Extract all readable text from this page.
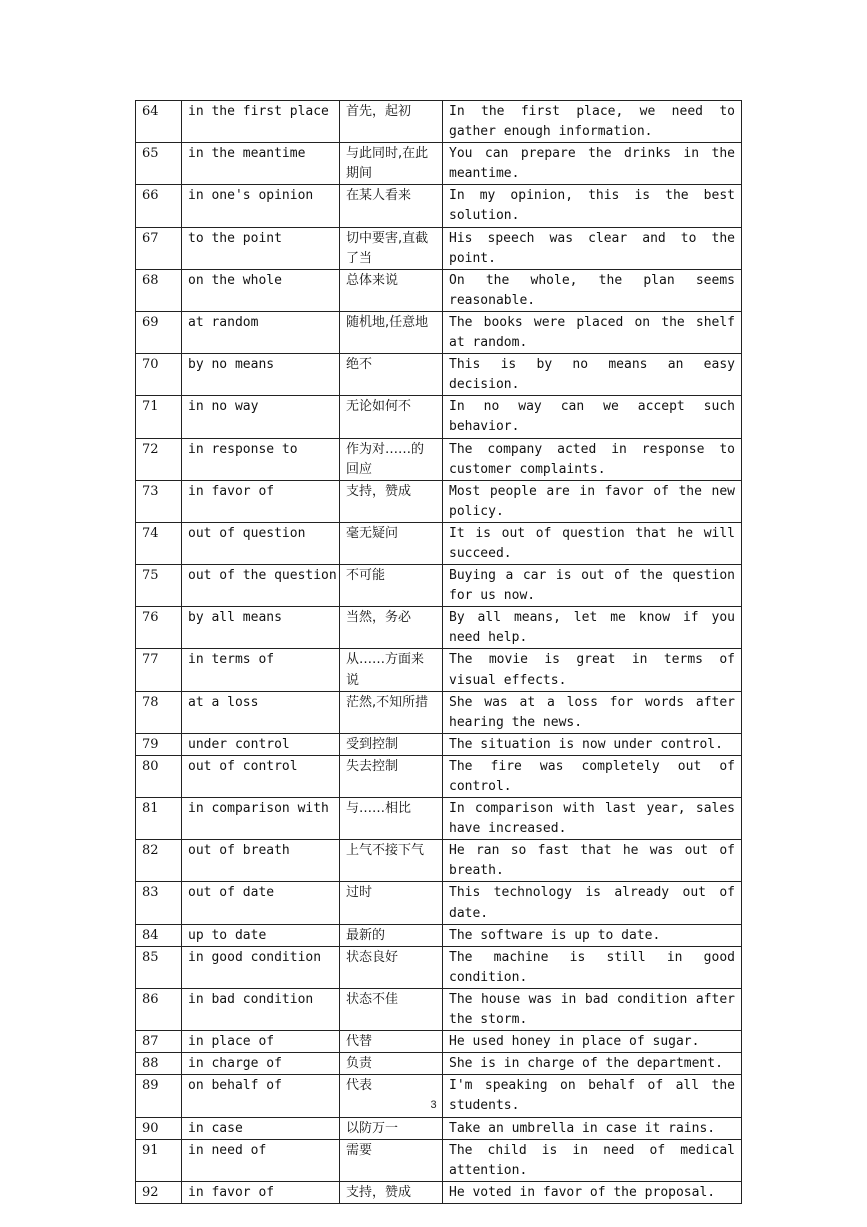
64	in the first place	首先，起初	In the first place, we need to gather enough information.
65	in the meantime	与此同时,在此期间	You can prepare the drinks in the meantime.
66	in one's opinion	在某人看来	In my opinion, this is the best solution.
67	to the point	切中要害,直截了当	His speech was clear and to the point.
68	on the whole	总体来说	On the whole, the plan seems reasonable.
69	at random	随机地,任意地	The books were placed on the shelf at random.
70	by no means	绝不	This is by no means an easy decision.
71	in no way	无论如何不	In no way can we accept such behavior.
72	in response to	作为对……的回应	The company acted in response to customer complaints.
73	in favor of	支持，赞成	Most people are in favor of the new policy.
74	out of question	毫无疑问	It is out of question that he will succeed.
75	out of the question	不可能	Buying a car is out of the question for us now.
76	by all means	当然，务必	By all means, let me know if you need help.
77	in terms of	从……方面来说	The movie is great in terms of visual effects.
78	at a loss	茫然,不知所措	She was at a loss for words after hearing the news.
79	under control	受到控制	The situation is now under control.
80	out of control	失去控制	The fire was completely out of control.
81	in comparison with	与……相比	In comparison with last year, sales have increased.
82	out of breath	上气不接下气	He ran so fast that he was out of breath.
83	out of date	过时	This technology is already out of date.
84	up to date	最新的	The software is up to date.
85	in good condition	状态良好	The machine is still in good condition.
86	in bad condition	状态不佳	The house was in bad condition after the storm.
87	in place of	代替	He used honey in place of sugar.
88	in charge of	负责	She is in charge of the department.
89	on behalf of	代表	I'm speaking on behalf of all the students.
90	in case	以防万一	Take an umbrella in case it rains.
91	in need of	需要	The child is in need of medical attention.
92	in favor of	支持，赞成	He voted in favor of the proposal.
3
